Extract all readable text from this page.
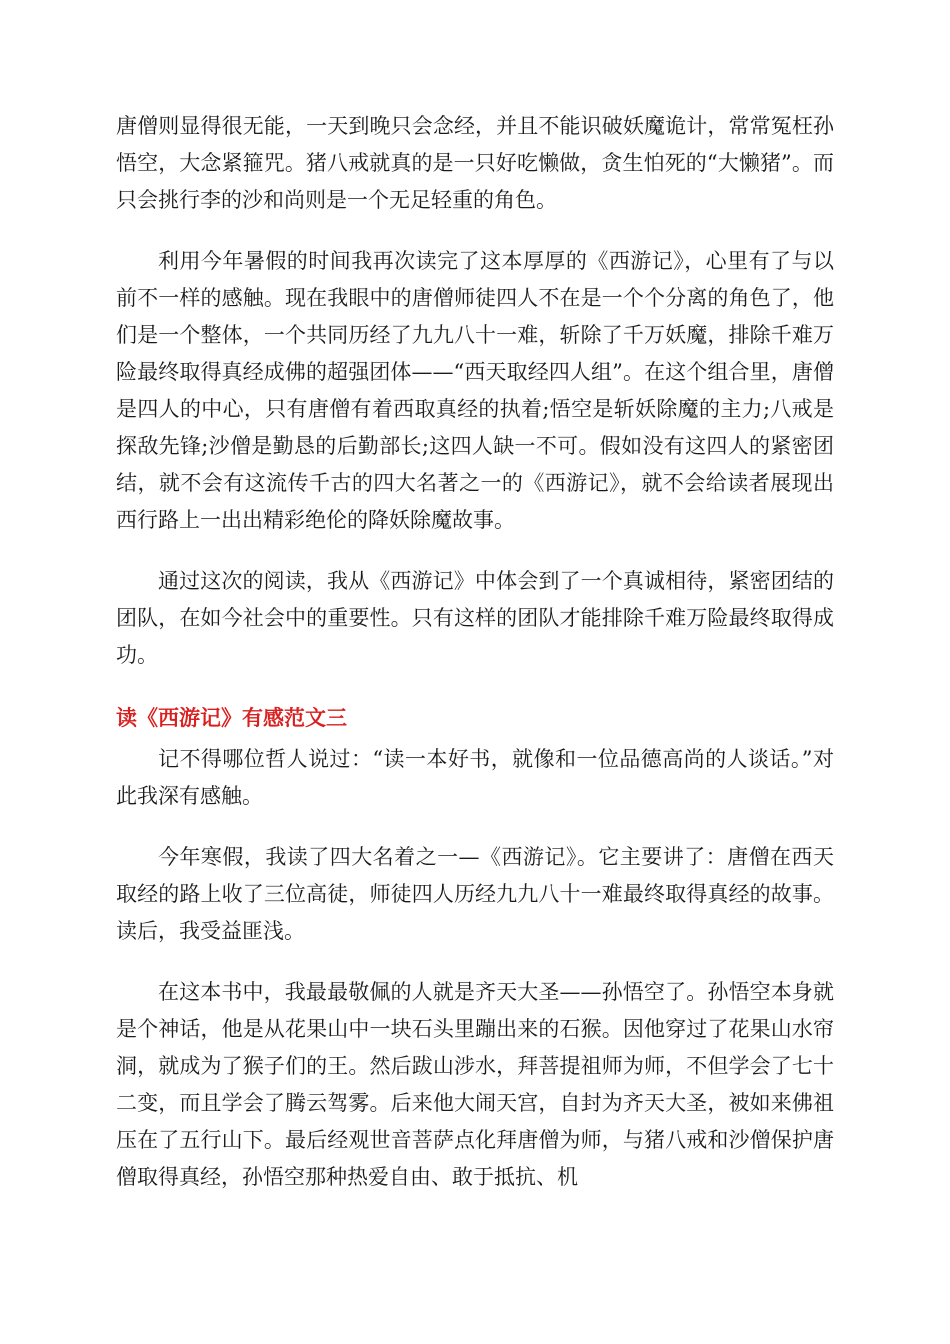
唐僧则显得很无能，一天到晚只会念经，并且不能识破妖魔诡计，常常冤枉孙悟空，大念紧箍咒。猪八戒就真的是一只好吃懒做，贪生怕死的“大懒猪”。而只会挑行李的沙和尚则是一个无足轻重的角色。

利用今年暑假的时间我再次读完了这本厚厚的《西游记》，心里有了与以前不一样的感触。现在我眼中的唐僧师徒四人不在是一个个分离的角色了，他们是一个整体，一个共同历经了九九八十一难，斩除了千万妖魔，排除千难万险最终取得真经成佛的超强团体——“西天取经四人组”。在这个组合里，唐僧是四人的中心，只有唐僧有着西取真经的执着;悟空是斩妖除魔的主力;八戒是探敌先锋;沙僧是勤恳的后勤部长;这四人缺一不可。假如没有这四人的紧密团结，就不会有这流传千古的四大名著之一的《西游记》，就不会给读者展现出西行路上一出出精彩绝伦的降妖除魔故事。

通过这次的阅读，我从《西游记》中体会到了一个真诚相待，紧密团结的团队，在如今社会中的重要性。只有这样的团队才能排除千难万险最终取得成功。

读《西游记》有感范文三

记不得哪位哲人说过：“读一本好书，就像和一位品德高尚的人谈话。”对此我深有感触。

今年寒假，我读了四大名着之一—《西游记》。它主要讲了：唐僧在西天取经的路上收了三位高徒，师徒四人历经九九八十一难最终取得真经的故事。读后，我受益匪浅。

在这本书中，我最最敬佩的人就是齐天大圣——孙悟空了。孙悟空本身就是个神话，他是从花果山中一块石头里蹦出来的石猴。因他穿过了花果山水帘洞，就成为了猴子们的王。然后跋山涉水，拜菩提祖师为师，不但学会了七十二变，而且学会了腾云驾雾。后来他大闹天宫，自封为齐天大圣，被如来佛祖压在了五行山下。最后经观世音菩萨点化拜唐僧为师，与猪八戒和沙僧保护唐僧取得真经，孙悟空那种热爱自由、敢于抵抗、机
